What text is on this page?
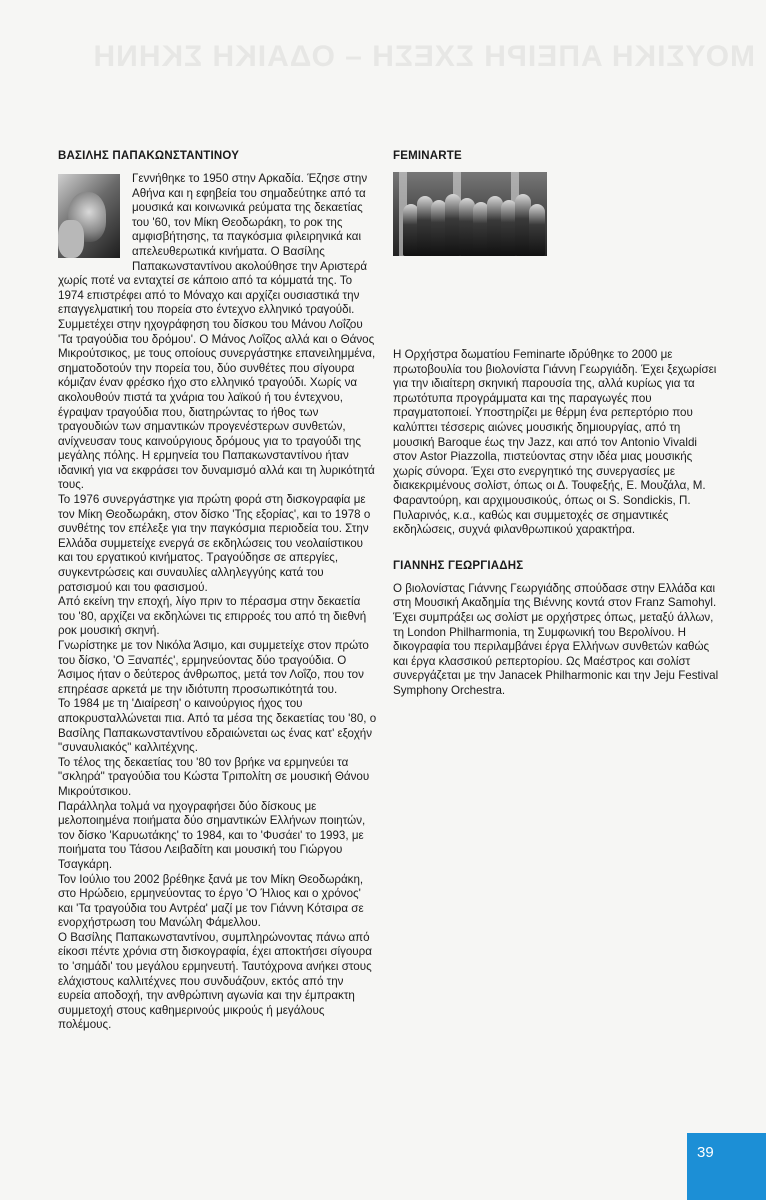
ΜΟΥΣΙΚΗ ΑΠΕΙΡΗ ΣΧΕΣΗ – ΟΔΑΙΚΗ ΣΚΗΝΗ
ΒΑΣΙΛΗΣ ΠΑΠΑΚΩΝΣΤΑΝΤΙΝΟΥ

Γεννήθηκε το 1950 στην Αρκαδία. Έζησε στην Αθήνα και η εφηβεία του σημαδεύτηκε από τα μουσικά και κοινωνικά ρεύματα της δεκαετίας του '60, τον Μίκη Θεοδωράκη, το ροκ της αμφισβήτησης, τα παγκόσμια φιλειρηνικά και απελευθερωτικά κινήματα. Ο Βασίλης Παπακωνσταντίνου ακολούθησε την Αριστερά χωρίς ποτέ να ενταχτεί σε κάποιο από τα κόμματά της. Το 1974 επιστρέφει από το Μόναχο και αρχίζει ουσιαστικά την επαγγελματική του πορεία στο έντεχνο ελληνικό τραγούδι. Συμμετέχει στην ηχογράφηση του δίσκου του Μάνου Λοΐζου 'Τα τραγούδια του δρόμου'. Ο Μάνος Λοΐζος αλλά και ο Θάνος Μικρούτσικος, με τους οποίους συνεργάστηκε επανειλημμένα, σηματοδοτούν την πορεία του, δύο συνθέτες που σίγουρα κόμιζαν έναν φρέσκο ήχο στο ελληνικό τραγούδι. Χωρίς να ακολουθούν πιστά τα χνάρια του λαϊκού ή του έντεχνου, έγραψαν τραγούδια που, διατηρώντας το ήθος των τραγουδιών των σημαντικών προγενέστερων συνθετών, ανίχνευσαν τους καινούργιους δρόμους για το τραγούδι της μεγάλης πόλης. Η ερμηνεία του Παπακωνσταντίνου ήταν ιδανική για να εκφράσει τον δυναμισμό αλλά και τη λυρικότητά τους.

Το 1976 συνεργάστηκε για πρώτη φορά στη δισκογραφία με τον Μίκη Θεοδωράκη, στον δίσκο 'Της εξορίας', και το 1978 ο συνθέτης τον επέλεξε για την παγκόσμια περιοδεία του. Στην Ελλάδα συμμετείχε ενεργά σε εκδηλώσεις του νεολαιίστικου και του εργατικού κινήματος. Τραγούδησε σε απεργίες, συγκεντρώσεις και συναυλίες αλληλεγγύης κατά του ρατσισμού και του φασισμού.

Από εκείνη την εποχή, λίγο πριν το πέρασμα στην δεκαετία του '80, αρχίζει να εκδηλώνει τις επιρροές του από τη διεθνή ροκ μουσική σκηνή.

Γνωρίστηκε με τον Νικόλα Άσιμο, και συμμετείχε στον πρώτο του δίσκο, 'Ο Ξαναπές', ερμηνεύοντας δύο τραγούδια. Ο Άσιμος ήταν ο δεύτερος άνθρωπος, μετά τον Λοΐζο, που τον επηρέασε αρκετά με την ιδιότυπη προσωπικότητά του.

Το 1984 με τη 'Διαίρεση' ο καινούργιος ήχος του αποκρυσταλλώνεται πια. Από τα μέσα της δεκαετίας του '80, ο Βασίλης Παπακωνσταντίνου εδραιώνεται ως ένας κατ' εξοχήν "συναυλιακός" καλλιτέχνης.

Το τέλος της δεκαετίας του '80 τον βρήκε να ερμηνεύει τα "σκληρά" τραγούδια του Κώστα Τριπολίτη σε μουσική Θάνου Μικρούτσικου.

Παράλληλα τολμά να ηχογραφήσει δύο δίσκους με μελοποιημένα ποιήματα δύο σημαντικών Ελλήνων ποιητών, τον δίσκο 'Καρυωτάκης' το 1984, και το 'Φυσάει' το 1993, με ποιήματα του Τάσου Λειβαδίτη και μουσική του Γιώργου Τσαγκάρη.

Τον Ιούλιο του 2002 βρέθηκε ξανά με τον Μίκη Θεοδωράκη, στο Ηρώδειο, ερμηνεύοντας το έργο 'Ο Ήλιος και ο χρόνος' και 'Τα τραγούδια του Αντρέα' μαζί με τον Γιάννη Κότσιρα σε ενορχήστρωση του Μανώλη Φάμελλου.

Ο Βασίλης Παπακωνσταντίνου, συμπληρώνοντας πάνω από είκοσι πέντε χρόνια στη δισκογραφία, έχει αποκτήσει σίγουρα το 'σημάδι' του μεγάλου ερμηνευτή. Ταυτόχρονα ανήκει στους ελάχιστους καλλιτέχνες που συνδυάζουν, εκτός από την ευρεία αποδοχή, την ανθρώπινη αγωνία και την έμπρακτη συμμετοχή στους καθημερινούς μικρούς ή μεγάλους πολέμους.

FEMINARTE

Η Ορχήστρα δωματίου Feminarte ιδρύθηκε το 2000 με πρωτοβουλία του βιολονίστα Γιάννη Γεωργιάδη. Έχει ξεχωρίσει για την ιδιαίτερη σκηνική παρουσία της, αλλά κυρίως για τα πρωτότυπα προγράμματα και της παραγωγές που πραγματοποιεί. Υποστηρίζει με θέρμη ένα ρεπερτόριο που καλύπτει τέσσερις αιώνες μουσικής δημιουργίας, από τη μουσική Baroque έως την Jazz, και από τον Antonio Vivaldi στον Astor Piazzolla, πιστεύοντας στην ιδέα μιας μουσικής χωρίς σύνορα. Έχει στο ενεργητικό της συνεργασίες με διακεκριμένους σολίστ, όπως οι Δ. Τουφεξής, Ε. Μουζάλα, Μ. Φαραντούρη, και αρχιμουσικούς, όπως οι S. Sondickis, Π. Πυλαρινός, κ.α., καθώς και συμμετοχές σε σημαντικές εκδηλώσεις, συχνά φιλανθρωπικού χαρακτήρα.

ΓΙΑΝΝΗΣ ΓΕΩΡΓΙΑΔΗΣ

Ο βιολονίστας Γιάννης Γεωργιάδης σπούδασε στην Ελλάδα και στη Μουσική Ακαδημία της Βιέννης κοντά στον Franz Samohyl. Έχει συμπράξει ως σολίστ με ορχήστρες όπως, μεταξύ άλλων, τη London Philharmonia, τη Συμφωνική του Βερολίνου. Η δικογραφία του περιλαμβάνει έργα Ελλήνων συνθετών καθώς και έργα κλασσικού ρεπερτορίου. Ως Μαέστρος και σολίστ συνεργάζεται με την Janacek Philharmonic και την Jeju Festival Symphony Orchestra.

39
